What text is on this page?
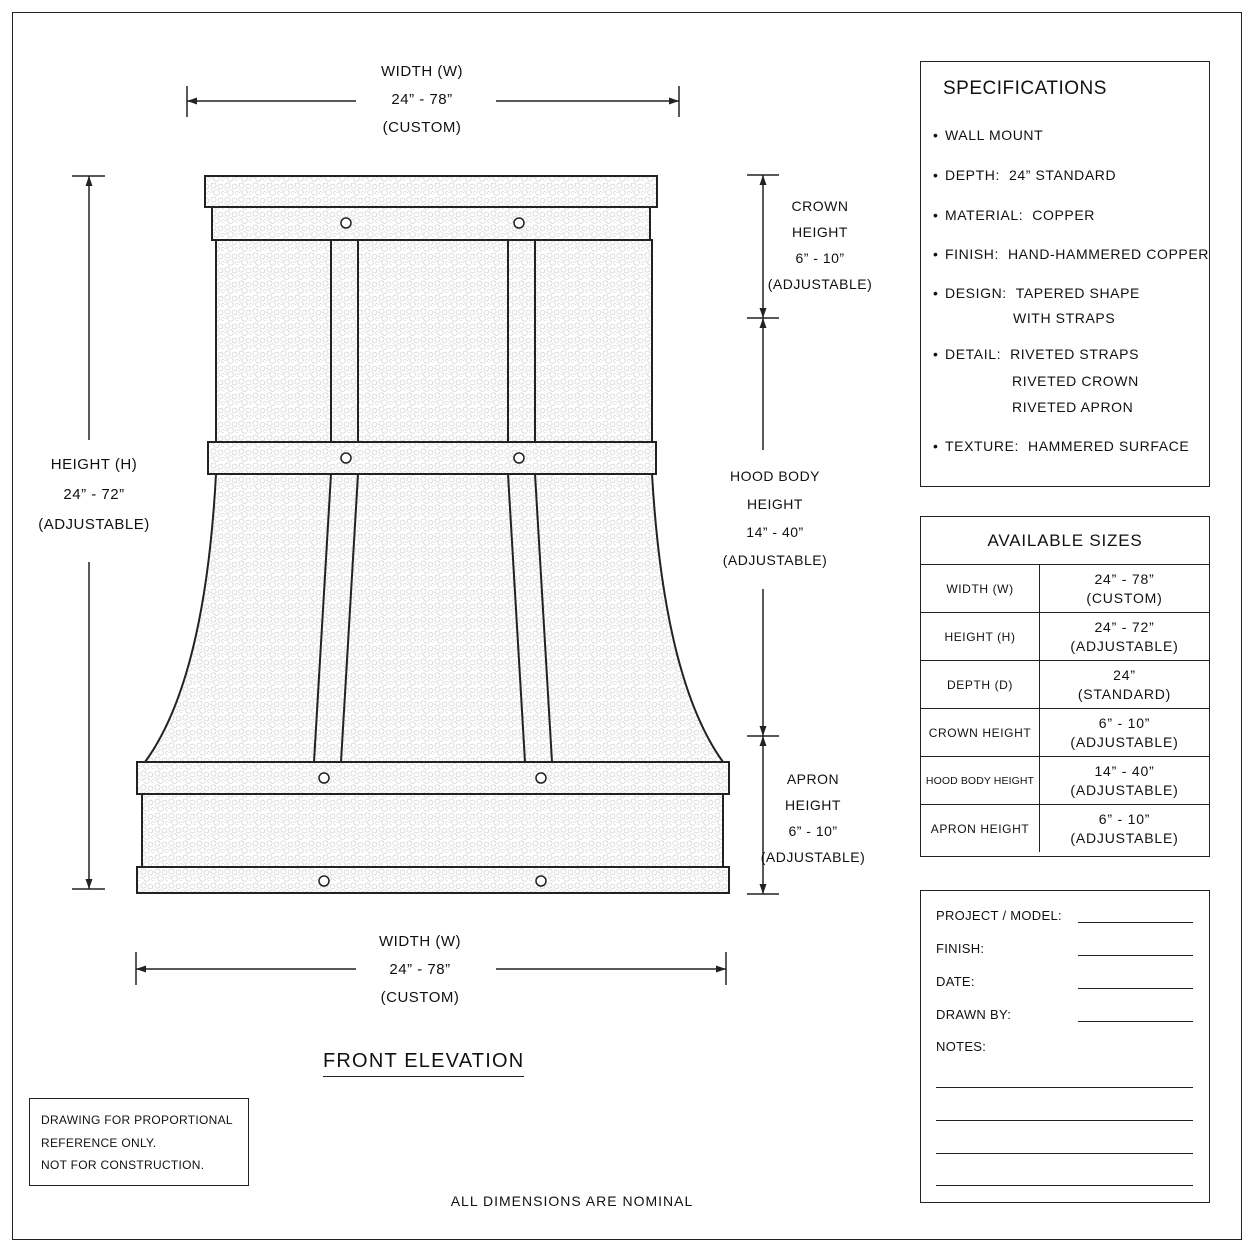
WIDTH (W)
24” - 78”
(CUSTOM)
WIDTH (W)
24” - 78”
(CUSTOM)
HEIGHT (H)
24” - 72”
(ADJUSTABLE)
CROWN
HEIGHT
6” - 10”
(ADJUSTABLE)
HOOD BODY
HEIGHT
14” - 40”
(ADJUSTABLE)
APRON
HEIGHT
6” - 10”
(ADJUSTABLE)
SPECIFICATIONS
• WALL MOUNT
• DEPTH: 24” STANDARD
• MATERIAL: COPPER
• FINISH: HAND-HAMMERED COPPER
• DESIGN: TAPERED SHAPE
WITH STRAPS
• DETAIL: RIVETED STRAPS
RIVETED CROWN
RIVETED APRON
• TEXTURE: HAMMERED SURFACE
AVAILABLE SIZES
WIDTH (W)	24” - 78”
(CUSTOM)

HEIGHT (H)	24” - 72”
(ADJUSTABLE)

DEPTH (D)	24”
(STANDARD)

CROWN HEIGHT	6” - 10”
(ADJUSTABLE)

HOOD BODY HEIGHT	14” - 40”
(ADJUSTABLE)

APRON HEIGHT	6” - 10”
(ADJUSTABLE)
PROJECT / MODEL:
FINISH:
DATE:
DRAWN BY:
NOTES:
DRAWING FOR PROPORTIONAL
REFERENCE ONLY.
NOT FOR CONSTRUCTION.
FRONT ELEVATION
ALL DIMENSIONS ARE NOMINAL
